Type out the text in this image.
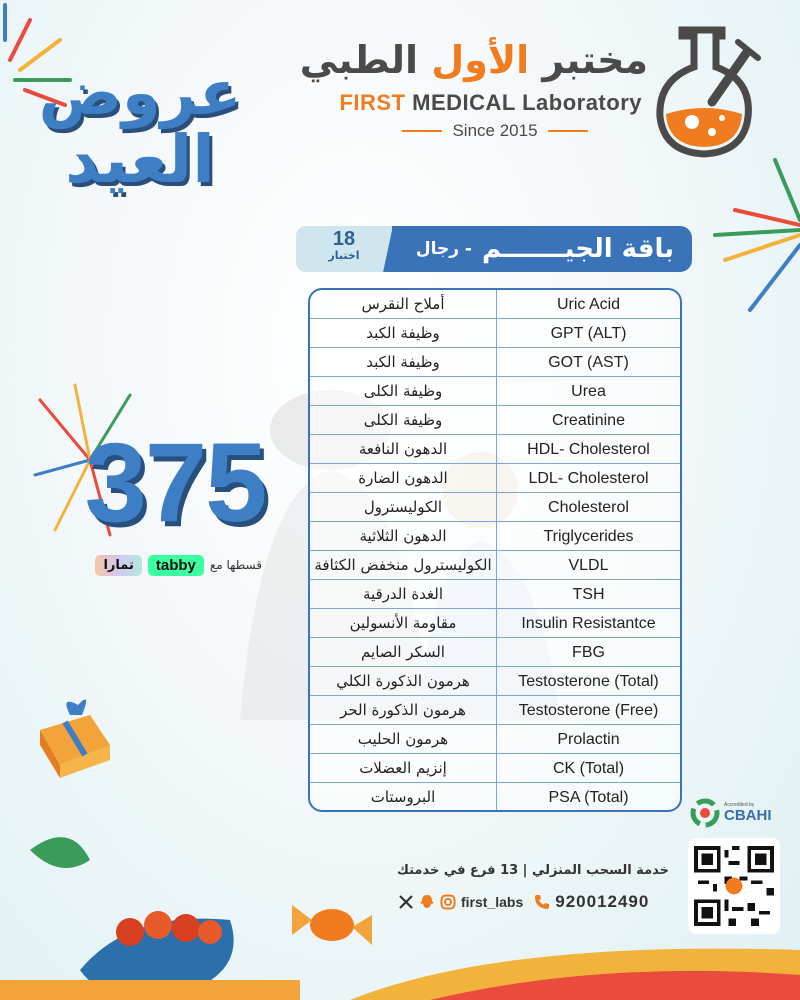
مختبر الأول الطبي
FIRST MEDICAL Laboratory
Since 2015
عروض
العيد
18
اختبار	باقة الجيـــــــم
- رجال
أملاح النقرس	Uric Acid
وظيفة الكبد	GPT (ALT)
وظيفة الكبد	GOT (AST)
وظيفة الكلى	Urea
وظيفة الكلى	Creatinine
الدهون النافعة	HDL- Cholesterol
الدهون الضارة	LDL- Cholesterol
الكوليسترول	Cholesterol
الدهون الثلاثية	Triglycerides
الكوليسترول منخفض الكثافة	VLDL
الغدة الدرقية	TSH
مقاومة الأنسولين	Insulin Resistantce
السكر الصايم	FBG
هرمون الذكورة الكلي	Testosterone (Total)
هرمون الذكورة الحر	Testosterone (Free)
هرمون الحليب	Prolactin
إنزيم العضلات	CK (Total)
البروستات	PSA (Total)
375
قسطها مع
tabby
تمارا
خدمة السحب المنزلي | 13 فرع في خدمتك
first_labs 920012490
Accredited by
CBAHI
